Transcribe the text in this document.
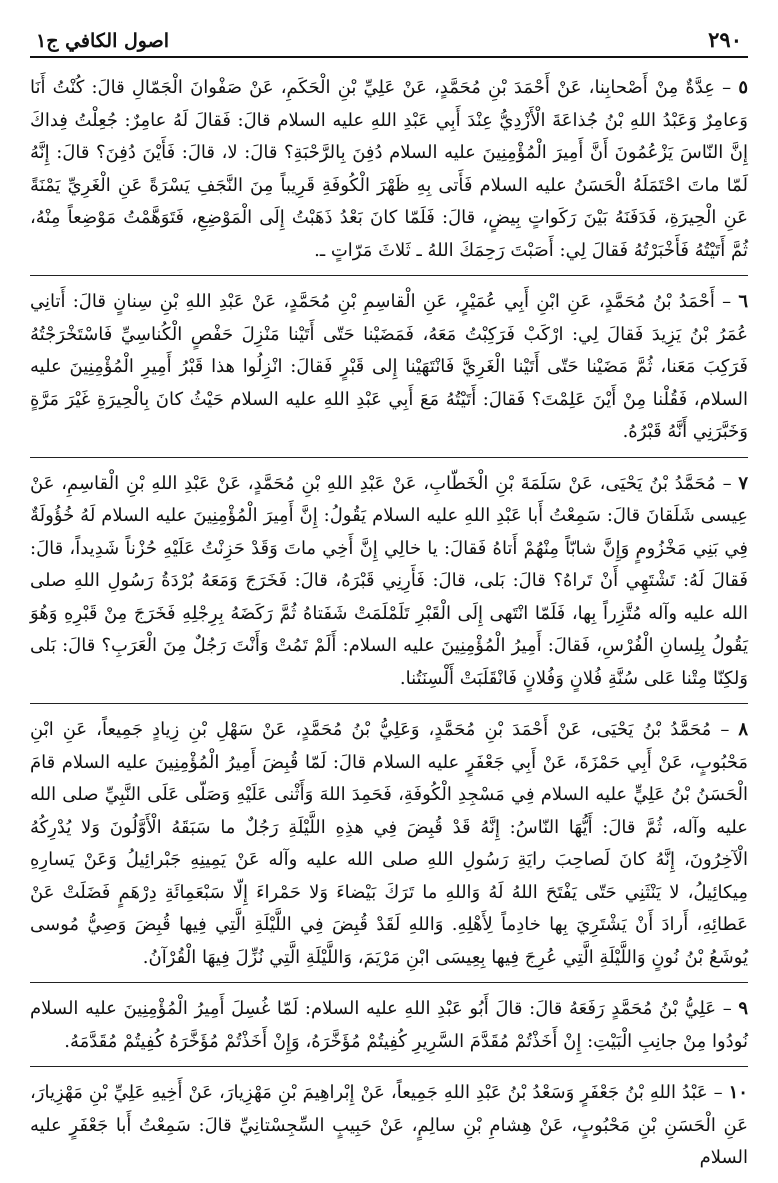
٢٩٠
اصول الكافي ج١

٥ – عِدَّةٌ مِنْ أَصْحابِنا، عَنْ أَحْمَدَ بْنِ مُحَمَّدٍ، عَنْ عَلِيِّ بْنِ الْحَكَمِ، عَنْ صَفْوانَ الْجَمّالِ قالَ: كُنْتُ أَنَا وَعامِرٌ وَعَبْدُ اللهِ بْنُ جُذاعَةَ الْأَزْدِيُّ عِنْدَ أَبِي عَبْدِ اللهِ عليه السلام قالَ: فَقالَ لَهُ عامِرٌ: جُعِلْتُ فِداكَ إِنَّ النّاسَ يَزْعُمُونَ أَنَّ أَمِيرَ الْمُؤْمِنِينَ عليه السلام دُفِنَ بِالرَّحْبَةِ؟ قالَ: لا، قالَ: فَأَيْنَ دُفِنَ؟ قالَ: إِنَّهُ لَمّا ماتَ احْتَمَلَهُ الْحَسَنُ عليه السلام فَأَتى بِهِ ظَهْرَ الْكُوفَةِ قَرِيباً مِنَ النَّجَفِ يَسْرَةً عَنِ الْغَرِيِّ يَمْنَةً عَنِ الْحِيرَةِ، فَدَفَنَهُ بَيْنَ رَكَواتٍ بِيضٍ، قالَ: فَلَمّا كانَ بَعْدُ ذَهَبْتُ إِلَى الْمَوْضِعِ، فَتَوَهَّمْتُ مَوْضِعاً مِنْهُ، ثُمَّ أَتَيْتُهُ فَأَخْبَرْتُهُ فَقالَ لِي: أَصَبْتَ رَحِمَكَ اللهُ ـ ثَلاثَ مَرّاتٍ ـ.

٦ – أَحْمَدُ بْنُ مُحَمَّدٍ، عَنِ ابْنِ أَبِي عُمَيْرٍ، عَنِ الْقاسِمِ بْنِ مُحَمَّدٍ، عَنْ عَبْدِ اللهِ بْنِ سِنانٍ قالَ: أَتانِي عُمَرُ بْنُ يَزِيدَ فَقالَ لِي: ارْكَبْ فَرَكِبْتُ مَعَهُ، فَمَضَيْنا حَتّى أَتَيْنا مَنْزِلَ حَفْصٍ الْكُناسِيِّ فَاسْتَخْرَجْتُهُ فَرَكِبَ مَعَنا، ثُمَّ مَضَيْنا حَتّى أَتَيْنا الْغَرِيَّ فَانْتَهَيْنا إِلى قَبْرٍ فَقالَ: انْزِلُوا هذا قَبْرُ أَمِيرِ الْمُؤْمِنِينَ عليه السلام، فَقُلْنا مِنْ أَيْنَ عَلِمْتَ؟ فَقالَ: أَتَيْتُهُ مَعَ أَبِي عَبْدِ اللهِ عليه السلام حَيْثُ كانَ بِالْحِيرَةِ غَيْرَ مَرَّةٍ وَخَبَّرَنِي أَنَّهُ قَبْرُهُ.

٧ – مُحَمَّدُ بْنُ يَحْيَى، عَنْ سَلَمَةَ بْنِ الْخَطّابِ، عَنْ عَبْدِ اللهِ بْنِ مُحَمَّدٍ، عَنْ عَبْدِ اللهِ بْنِ الْقاسِمِ، عَنْ عِيسى شَلَقانَ قالَ: سَمِعْتُ أَبا عَبْدِ اللهِ عليه السلام يَقُولُ: إِنَّ أَمِيرَ الْمُؤْمِنِينَ عليه السلام لَهُ خُؤُولَةٌ فِي بَنِي مَخْزُومٍ وَإِنَّ شابّاً مِنْهُمْ أَتاهُ فَقالَ: يا خالِي إِنَّ أَخِي ماتَ وَقَدْ حَزِنْتُ عَلَيْهِ حُزْناً شَدِيداً، قالَ: فَقالَ لَهُ: تَشْتَهِي أَنْ تَراهُ؟ قالَ: بَلى، قالَ: فَأَرِنِي قَبْرَهُ، قالَ: فَخَرَجَ وَمَعَهُ بُرْدَةُ رَسُولِ اللهِ صلى الله عليه وآله مُتَّزِراً بِها، فَلَمّا انْتَهى إِلَى الْقَبْرِ تَلَمْلَمَتْ شَفَتاهُ ثُمَّ رَكَضَهُ بِرِجْلِهِ فَخَرَجَ مِنْ قَبْرِهِ وَهُوَ يَقُولُ بِلِسانِ الْفُرْسِ، فَقالَ: أَمِيرُ الْمُؤْمِنِينَ عليه السلام: أَلَمْ تَمُتْ وَأَنْتَ رَجُلٌ مِنَ الْعَرَبِ؟ قالَ: بَلى وَلكِنّا مِتْنا عَلى سُنَّةِ فُلانٍ وَفُلانٍ فَانْقَلَبَتْ أَلْسِنَتُنا.

٨ – مُحَمَّدُ بْنُ يَحْيَى، عَنْ أَحْمَدَ بْنِ مُحَمَّدٍ، وَعَلِيُّ بْنُ مُحَمَّدٍ، عَنْ سَهْلِ بْنِ زِيادٍ جَمِيعاً، عَنِ ابْنِ مَحْبُوبٍ، عَنْ أَبِي حَمْزَةَ، عَنْ أَبِي جَعْفَرٍ عليه السلام قالَ: لَمّا قُبِضَ أَمِيرُ الْمُؤْمِنِينَ عليه السلام قامَ الْحَسَنُ بْنُ عَلِيٍّ عليه السلام فِي مَسْجِدِ الْكُوفَةِ، فَحَمِدَ اللهَ وَأَثْنى عَلَيْهِ وَصَلّى عَلَى النَّبِيِّ صلى الله عليه وآله، ثُمَّ قالَ: أَيُّهَا النّاسُ: إِنَّهُ قَدْ قُبِضَ فِي هذِهِ اللَّيْلَةِ رَجُلٌ ما سَبَقَهُ الْأَوَّلُونَ وَلا يُدْرِكُهُ الْآخِرُونَ، إِنَّهُ كانَ لَصاحِبَ رايَةِ رَسُولِ اللهِ صلى الله عليه وآله عَنْ يَمِينِهِ جَبْرائِيلُ وَعَنْ يَسارِهِ مِيكائِيلُ، لا يَنْثَنِي حَتّى يَفْتَحَ اللهُ لَهُ وَاللهِ ما تَرَكَ بَيْضاءَ وَلا حَمْراءَ إِلّا سَبْعَمِائَةِ دِرْهَمٍ فَضَلَتْ عَنْ عَطائِهِ، أَرادَ أَنْ يَشْتَرِيَ بِها خادِماً لِأَهْلِهِ. وَاللهِ لَقَدْ قُبِضَ فِي اللَّيْلَةِ الَّتِي فِيها قُبِضَ وَصِيُّ مُوسى يُوشَعُ بْنُ نُونٍ وَاللَّيْلَةِ الَّتِي عُرِجَ فِيها بِعِيسَى ابْنِ مَرْيَمَ، وَاللَّيْلَةِ الَّتِي نُزِّلَ فِيهَا الْقُرْآنُ.

٩ – عَلِيُّ بْنُ مُحَمَّدٍ رَفَعَهُ قالَ: قالَ أَبُو عَبْدِ اللهِ عليه السلام: لَمّا غُسِلَ أَمِيرُ الْمُؤْمِنِينَ عليه السلام نُودُوا مِنْ جانِبِ الْبَيْتِ: إِنْ أَخَذْتُمْ مُقَدَّمَ السَّرِيرِ كُفِيتُمْ مُؤَخَّرَهُ، وَإِنْ أَخَذْتُمْ مُؤَخَّرَهُ كُفِيتُمْ مُقَدَّمَهُ.

١٠ – عَبْدُ اللهِ بْنُ جَعْفَرٍ وَسَعْدُ بْنُ عَبْدِ اللهِ جَمِيعاً، عَنْ إِبْراهِيمَ بْنِ مَهْزِيارَ، عَنْ أَخِيهِ عَلِيِّ بْنِ مَهْزِيارَ، عَنِ الْحَسَنِ بْنِ مَحْبُوبٍ، عَنْ هِشامِ بْنِ سالِمٍ، عَنْ حَبِيبٍ السِّجِسْتانِيِّ قالَ: سَمِعْتُ أَبا جَعْفَرٍ عليه السلام
